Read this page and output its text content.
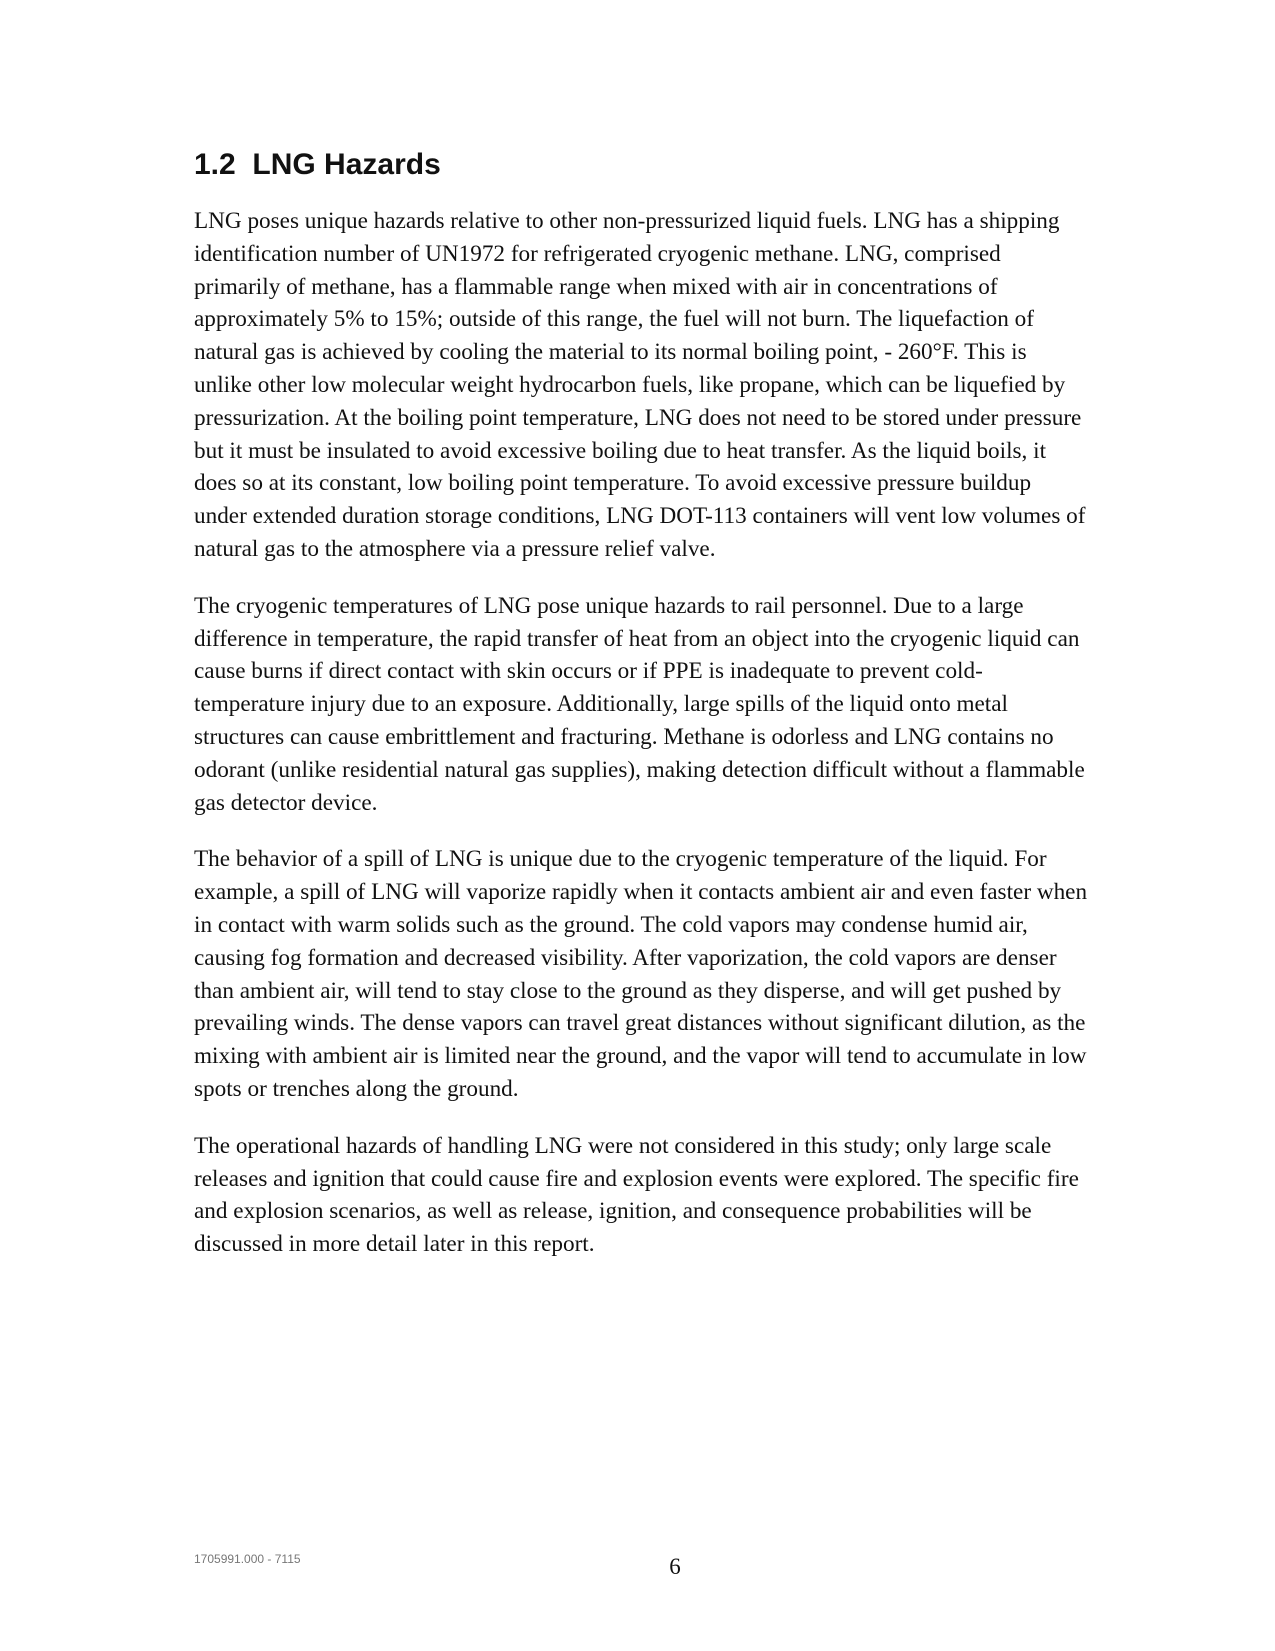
1.2  LNG Hazards

LNG poses unique hazards relative to other non-pressurized liquid fuels. LNG has a shipping
identification number of UN1972 for refrigerated cryogenic methane. LNG, comprised
primarily of methane, has a flammable range when mixed with air in concentrations of
approximately 5% to 15%; outside of this range, the fuel will not burn. The liquefaction of
natural gas is achieved by cooling the material to its normal boiling point, - 260°F. This is
unlike other low molecular weight hydrocarbon fuels, like propane, which can be liquefied by
pressurization. At the boiling point temperature, LNG does not need to be stored under pressure
but it must be insulated to avoid excessive boiling due to heat transfer. As the liquid boils, it
does so at its constant, low boiling point temperature. To avoid excessive pressure buildup
under extended duration storage conditions, LNG DOT-113 containers will vent low volumes of
natural gas to the atmosphere via a pressure relief valve.

The cryogenic temperatures of LNG pose unique hazards to rail personnel. Due to a large
difference in temperature, the rapid transfer of heat from an object into the cryogenic liquid can
cause burns if direct contact with skin occurs or if PPE is inadequate to prevent cold-
temperature injury due to an exposure. Additionally, large spills of the liquid onto metal
structures can cause embrittlement and fracturing. Methane is odorless and LNG contains no
odorant (unlike residential natural gas supplies), making detection difficult without a flammable
gas detector device.

The behavior of a spill of LNG is unique due to the cryogenic temperature of the liquid. For
example, a spill of LNG will vaporize rapidly when it contacts ambient air and even faster when
in contact with warm solids such as the ground. The cold vapors may condense humid air,
causing fog formation and decreased visibility. After vaporization, the cold vapors are denser
than ambient air, will tend to stay close to the ground as they disperse, and will get pushed by
prevailing winds. The dense vapors can travel great distances without significant dilution, as the
mixing with ambient air is limited near the ground, and the vapor will tend to accumulate in low
spots or trenches along the ground.

The operational hazards of handling LNG were not considered in this study; only large scale
releases and ignition that could cause fire and explosion events were explored. The specific fire
and explosion scenarios, as well as release, ignition, and consequence probabilities will be
discussed in more detail later in this report.

1705991.000 - 7115	6
